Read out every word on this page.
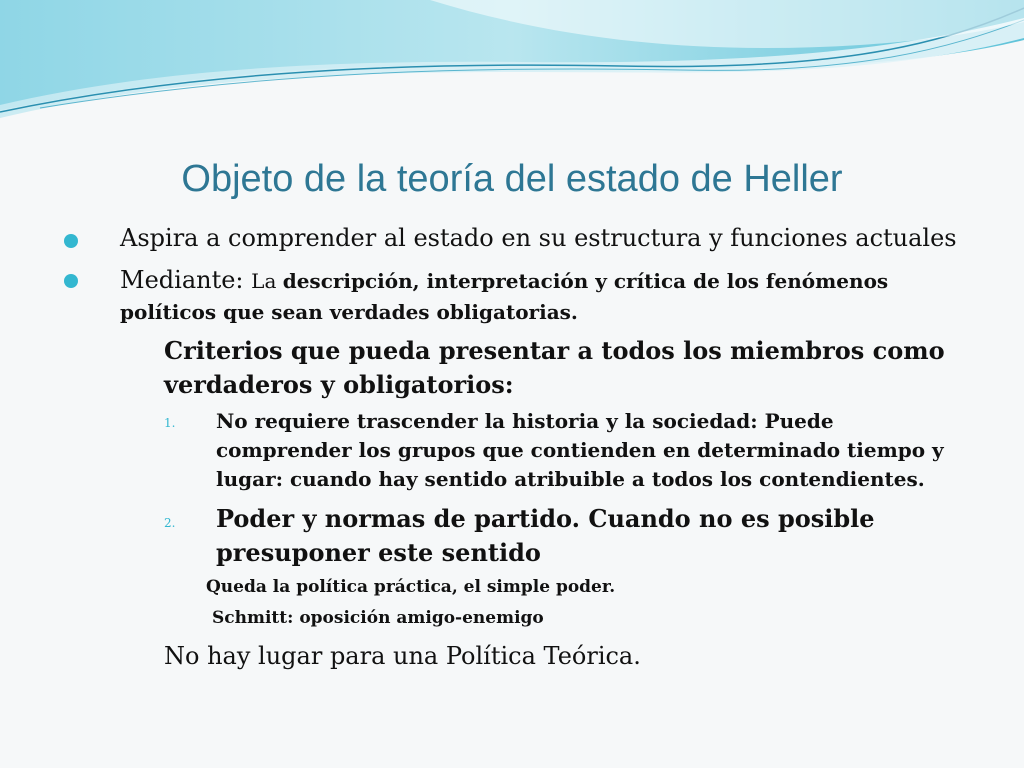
Objeto de la teoría del estado de Heller
Aspira a comprender al estado en su estructura y funciones actuales
Mediante: La descripción, interpretación y crítica de los fenómenos
políticos que sean verdades obligatorias.
Criterios que pueda presentar a todos los miembros como
verdaderos y obligatorios:
1. No requiere trascender la historia y la sociedad: Puede
comprender los grupos que contienden en determinado tiempo y
lugar: cuando hay sentido atribuible a todos los contendientes.
2. Poder y normas de partido. Cuando no es posible
presuponer este sentido
Queda la política práctica, el simple poder.
Schmitt: oposición amigo-enemigo
No hay lugar para una Política Teórica.
